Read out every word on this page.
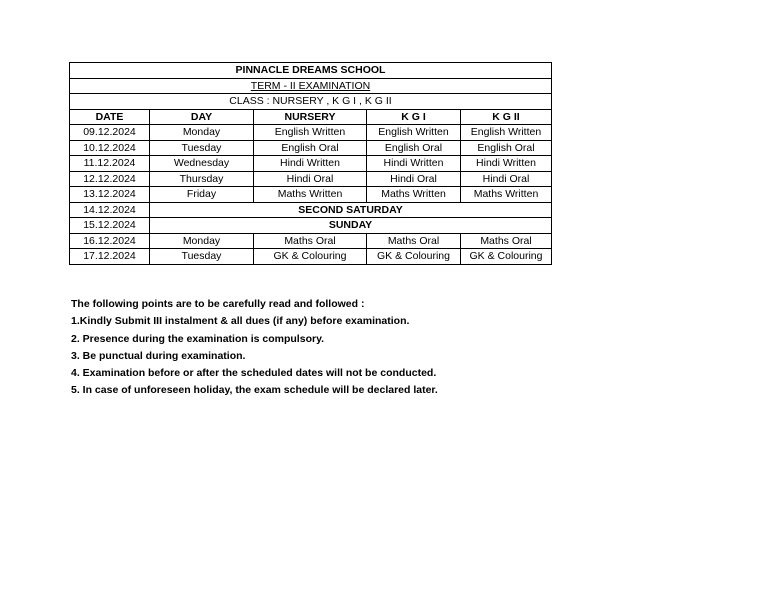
PINNACLE DREAMS SCHOOL				
TERM - II EXAMINATION				
CLASS : NURSERY , K G I , K G II				
DATE	DAY	NURSERY	K G I	K G II
09.12.2024	Monday	English Written	English Written	English Written
10.12.2024	Tuesday	English Oral	English Oral	English Oral
11.12.2024	Wednesday	Hindi Written	Hindi Written	Hindi Written
12.12.2024	Thursday	Hindi Oral	Hindi Oral	Hindi Oral
13.12.2024	Friday	Maths Written	Maths Written	Maths Written
14.12.2024	SECOND SATURDAY			
15.12.2024	SUNDAY			
16.12.2024	Monday	Maths Oral	Maths Oral	Maths Oral
17.12.2024	Tuesday	GK & Colouring	GK & Colouring	GK & Colouring

The following points are to be carefully read and followed :

1.Kindly Submit III instalment & all dues (if any) before examination.

2. Presence during the examination is compulsory.

3. Be punctual during examination.

4. Examination before or after the scheduled dates will not be conducted.

5. In case of unforeseen holiday, the exam schedule will be declared later.
